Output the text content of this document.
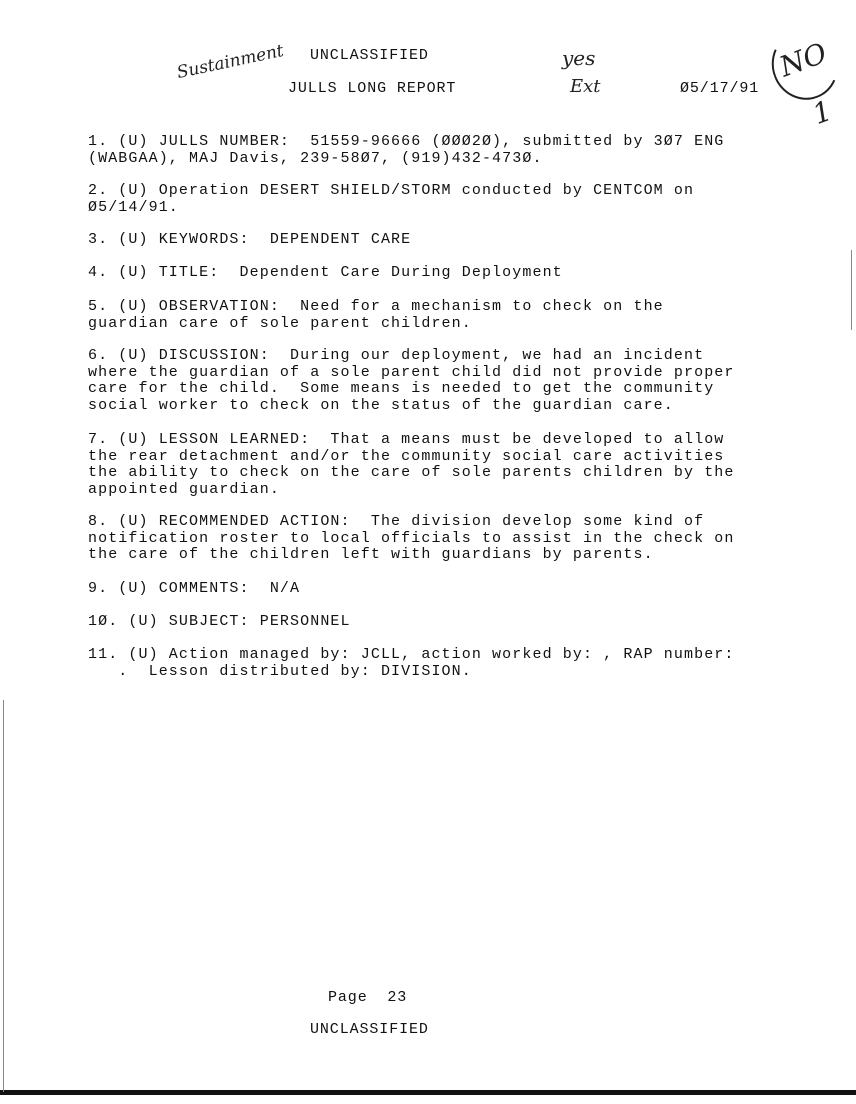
UNCLASSIFIED
JULLS LONG REPORT	Ø5/17/91
Sustainment	yes
Ext
NO 1
1. (U) JULLS NUMBER:  51559-96666 (ØØØ2Ø), submitted by 3Ø7 ENG
(WABGAA), MAJ Davis, 239-58Ø7, (919)432-473Ø.
2. (U) Operation DESERT SHIELD/STORM conducted by CENTCOM on
Ø5/14/91.
3. (U) KEYWORDS:  DEPENDENT CARE
4. (U) TITLE:  Dependent Care During Deployment
5. (U) OBSERVATION:  Need for a mechanism to check on the
guardian care of sole parent children.
6. (U) DISCUSSION:  During our deployment, we had an incident
where the guardian of a sole parent child did not provide proper
care for the child.  Some means is needed to get the community
social worker to check on the status of the guardian care.
7. (U) LESSON LEARNED:  That a means must be developed to allow
the rear detachment and/or the community social care activities
the ability to check on the care of sole parents children by the
appointed guardian.
8. (U) RECOMMENDED ACTION:  The division develop some kind of
notification roster to local officials to assist in the check on
the care of the children left with guardians by parents.
9. (U) COMMENTS:  N/A
1Ø. (U) SUBJECT: PERSONNEL
11. (U) Action managed by: JCLL, action worked by: , RAP number:
.  Lesson distributed by: DIVISION.
Page  23
UNCLASSIFIED
